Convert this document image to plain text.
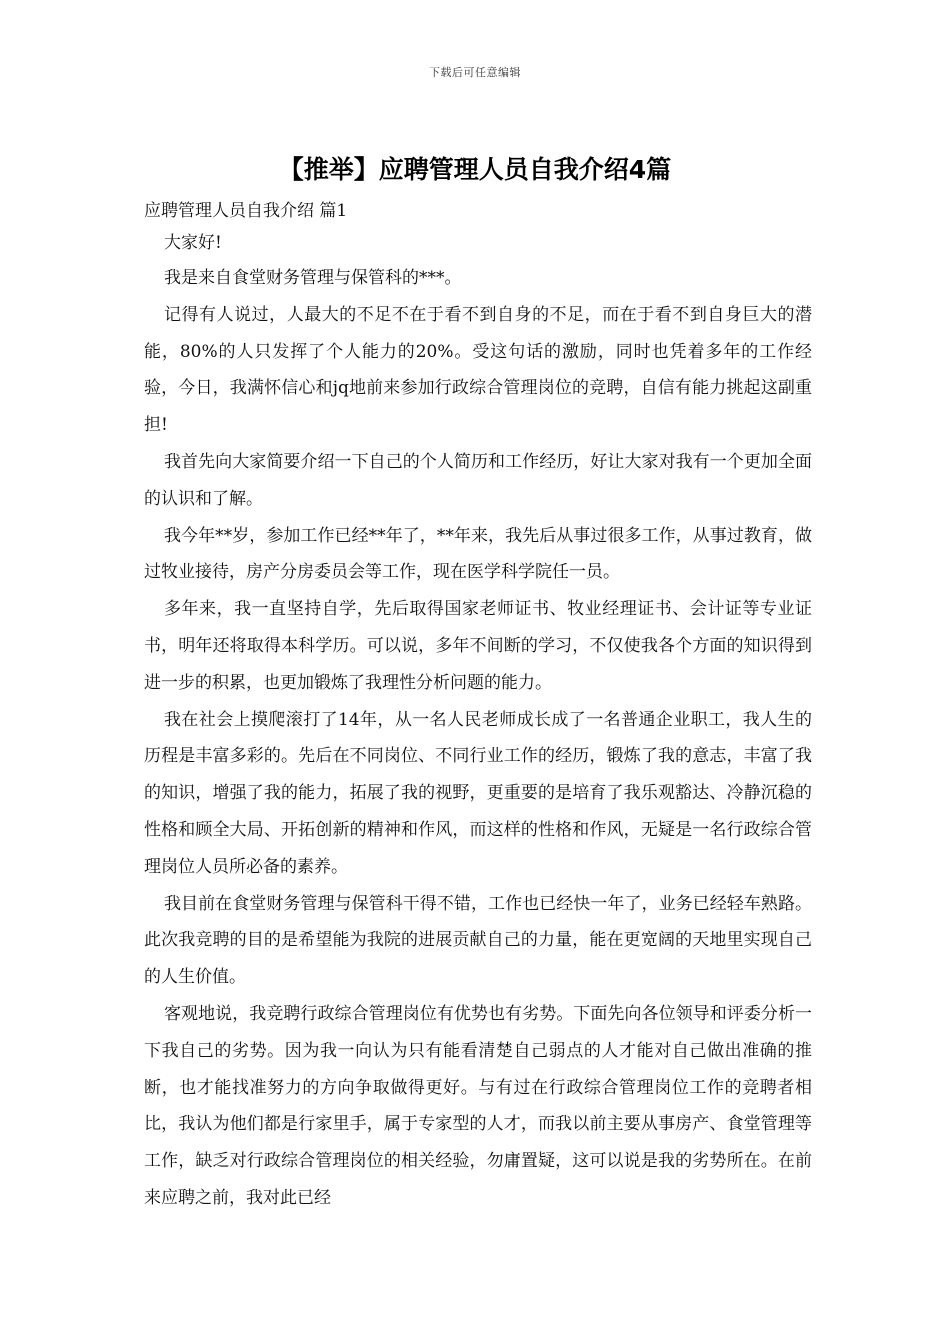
下载后可任意编辑
【推举】应聘管理人员自我介绍4篇

应聘管理人员自我介绍 篇1

大家好!

我是来自食堂财务管理与保管科的***。

记得有人说过，人最大的不足不在于看不到自身的不足，而在于看不到自身巨大的潜能，80%的人只发挥了个人能力的20%。受这句话的激励，同时也凭着多年的工作经验，今日，我满怀信心和jq地前来参加行政综合管理岗位的竞聘，自信有能力挑起这副重担!

我首先向大家简要介绍一下自己的个人简历和工作经历，好让大家对我有一个更加全面的认识和了解。

我今年**岁，参加工作已经**年了，**年来，我先后从事过很多工作，从事过教育，做过牧业接待，房产分房委员会等工作，现在医学科学院任一员。

多年来，我一直坚持自学，先后取得国家老师证书、牧业经理证书、会计证等专业证书，明年还将取得本科学历。可以说，多年不间断的学习，不仅使我各个方面的知识得到进一步的积累，也更加锻炼了我理性分析问题的能力。

我在社会上摸爬滚打了14年，从一名人民老师成长成了一名普通企业职工，我人生的历程是丰富多彩的。先后在不同岗位、不同行业工作的经历，锻炼了我的意志，丰富了我的知识，增强了我的能力，拓展了我的视野，更重要的是培育了我乐观豁达、冷静沉稳的性格和顾全大局、开拓创新的精神和作风，而这样的性格和作风，无疑是一名行政综合管理岗位人员所必备的素养。

我目前在食堂财务管理与保管科干得不错，工作也已经快一年了，业务已经轻车熟路。此次我竞聘的目的是希望能为我院的进展贡献自己的力量，能在更宽阔的天地里实现自己的人生价值。

客观地说，我竞聘行政综合管理岗位有优势也有劣势。下面先向各位领导和评委分析一下我自己的劣势。因为我一向认为只有能看清楚自己弱点的人才能对自己做出准确的推断，也才能找准努力的方向争取做得更好。与有过在行政综合管理岗位工作的竞聘者相比，我认为他们都是行家里手，属于专家型的人才，而我以前主要从事房产、食堂管理等工作，缺乏对行政综合管理岗位的相关经验，勿庸置疑，这可以说是我的劣势所在。在前来应聘之前，我对此已经
